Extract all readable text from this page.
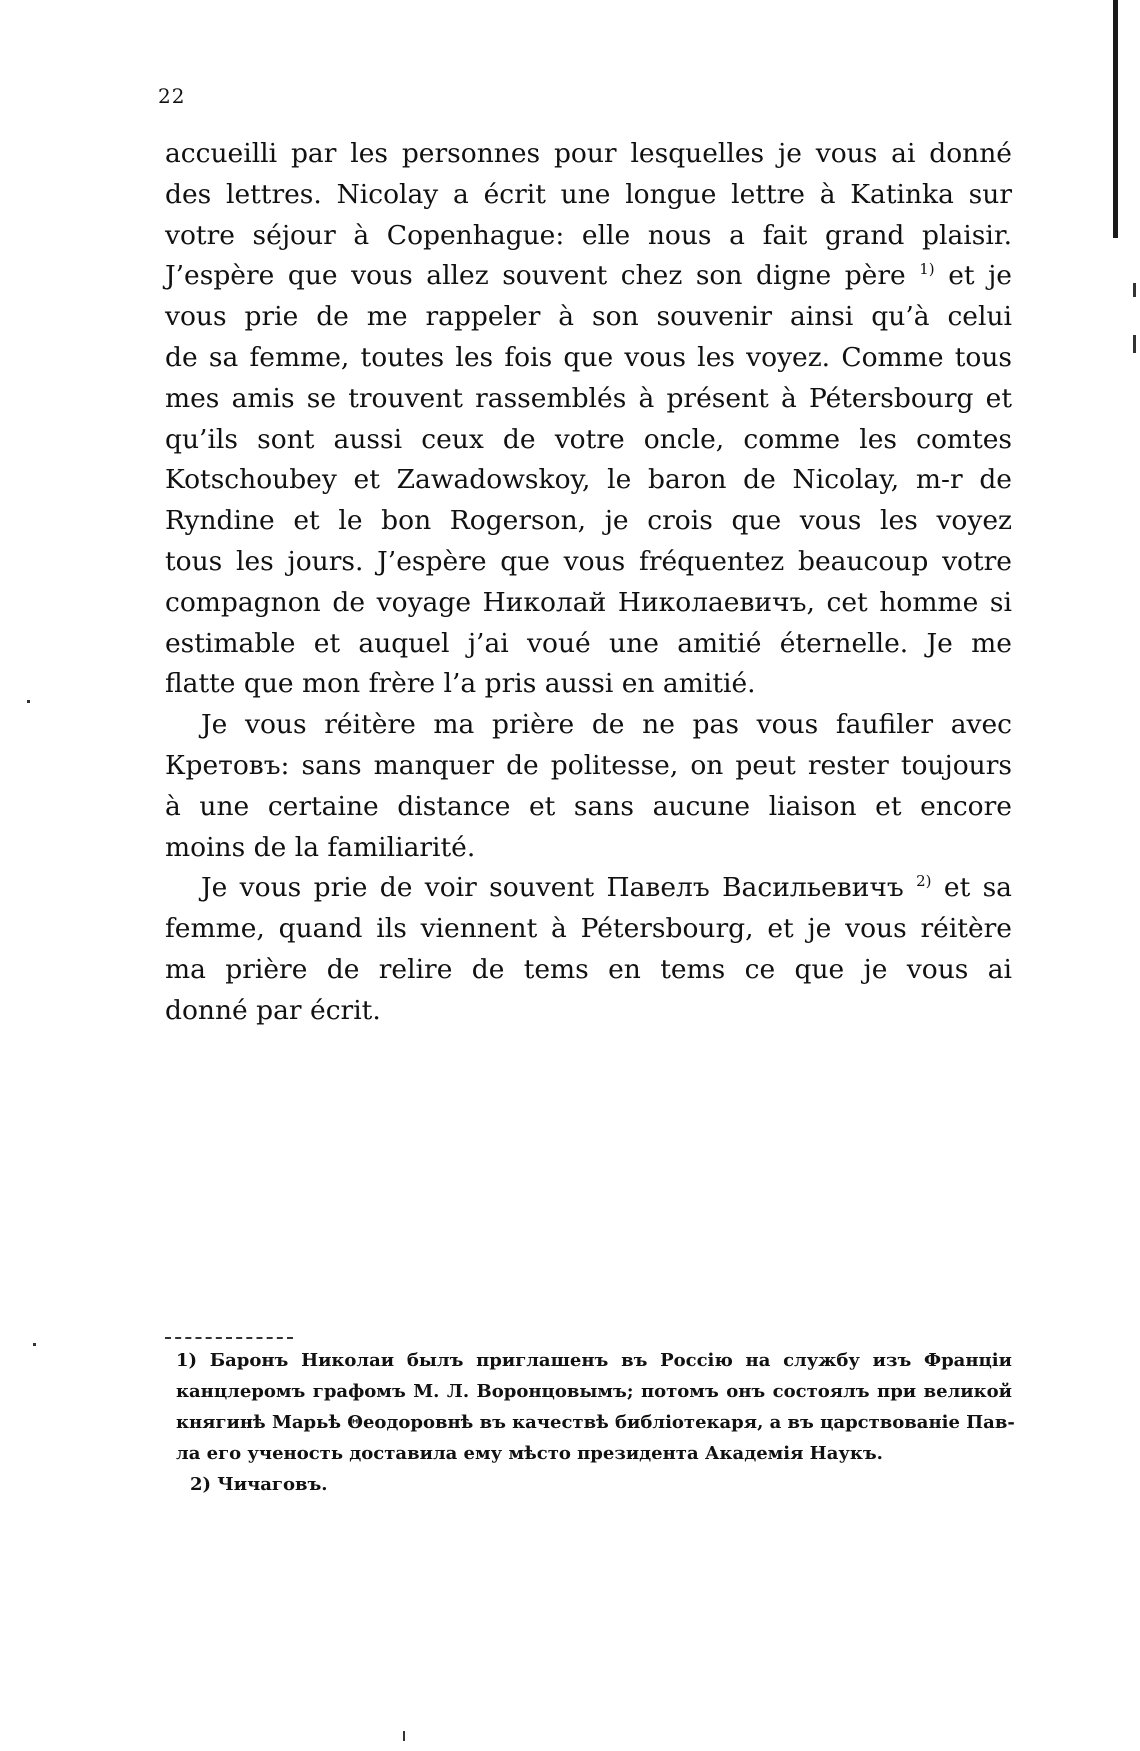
22

accueilli par les personnes pour lesquelles je vous ai donné

des lettres. Nicolay a écrit une longue lettre à Katinka sur

votre séjour à Copenhague: elle nous a fait grand plaisir.

J’espère que vous allez souvent chez son digne père $^{1)}$ et je

vous prie de me rappeler à son souvenir ainsi qu’à celui

de sa femme, toutes les fois que vous les voyez. Comme tous

mes amis se trouvent rassemblés à présent à Pétersbourg et

qu’ils sont aussi ceux de votre oncle, comme les comtes

Kotschoubey et Zawadowskoy, le baron de Nicolay, m-r de

Ryndine et le bon Rogerson, je crois que vous les voyez

tous les jours. J’espère que vous fréquentez beaucoup votre

compagnon de voyage Николай Николаевичъ, cet homme si

estimable et auquel j’ai voué une amitié éternelle. Je me

flatte que mon frère l’a pris aussi en amitié.

Je vous réitère ma prière de ne pas vous faufiler avec

Кретовъ: sans manquer de politesse, on peut rester toujours

à une certaine distance et sans aucune liaison et encore

moins de la familiarité.

Je vous prie de voir souvent Павелъ Васильевичъ $^{2)}$ et sa

femme, quand ils viennent à Pétersbourg, et je vous réitère

ma prière de relire de tems en tems ce que je vous ai

donné par écrit.

1) Баронъ Николаи былъ приглашенъ въ Россію на службу изъ Франціи

канцлеромъ графомъ М. Л. Воронцовымъ; потомъ онъ состоялъ при великой

княгинѣ Марьѣ Θеодоровнѣ въ качествѣ библіотекаря, а въ царствованіе Пав-

ла его ученость доставила ему мѣсто президента Академія Наукъ.

2) Чичаговъ.
